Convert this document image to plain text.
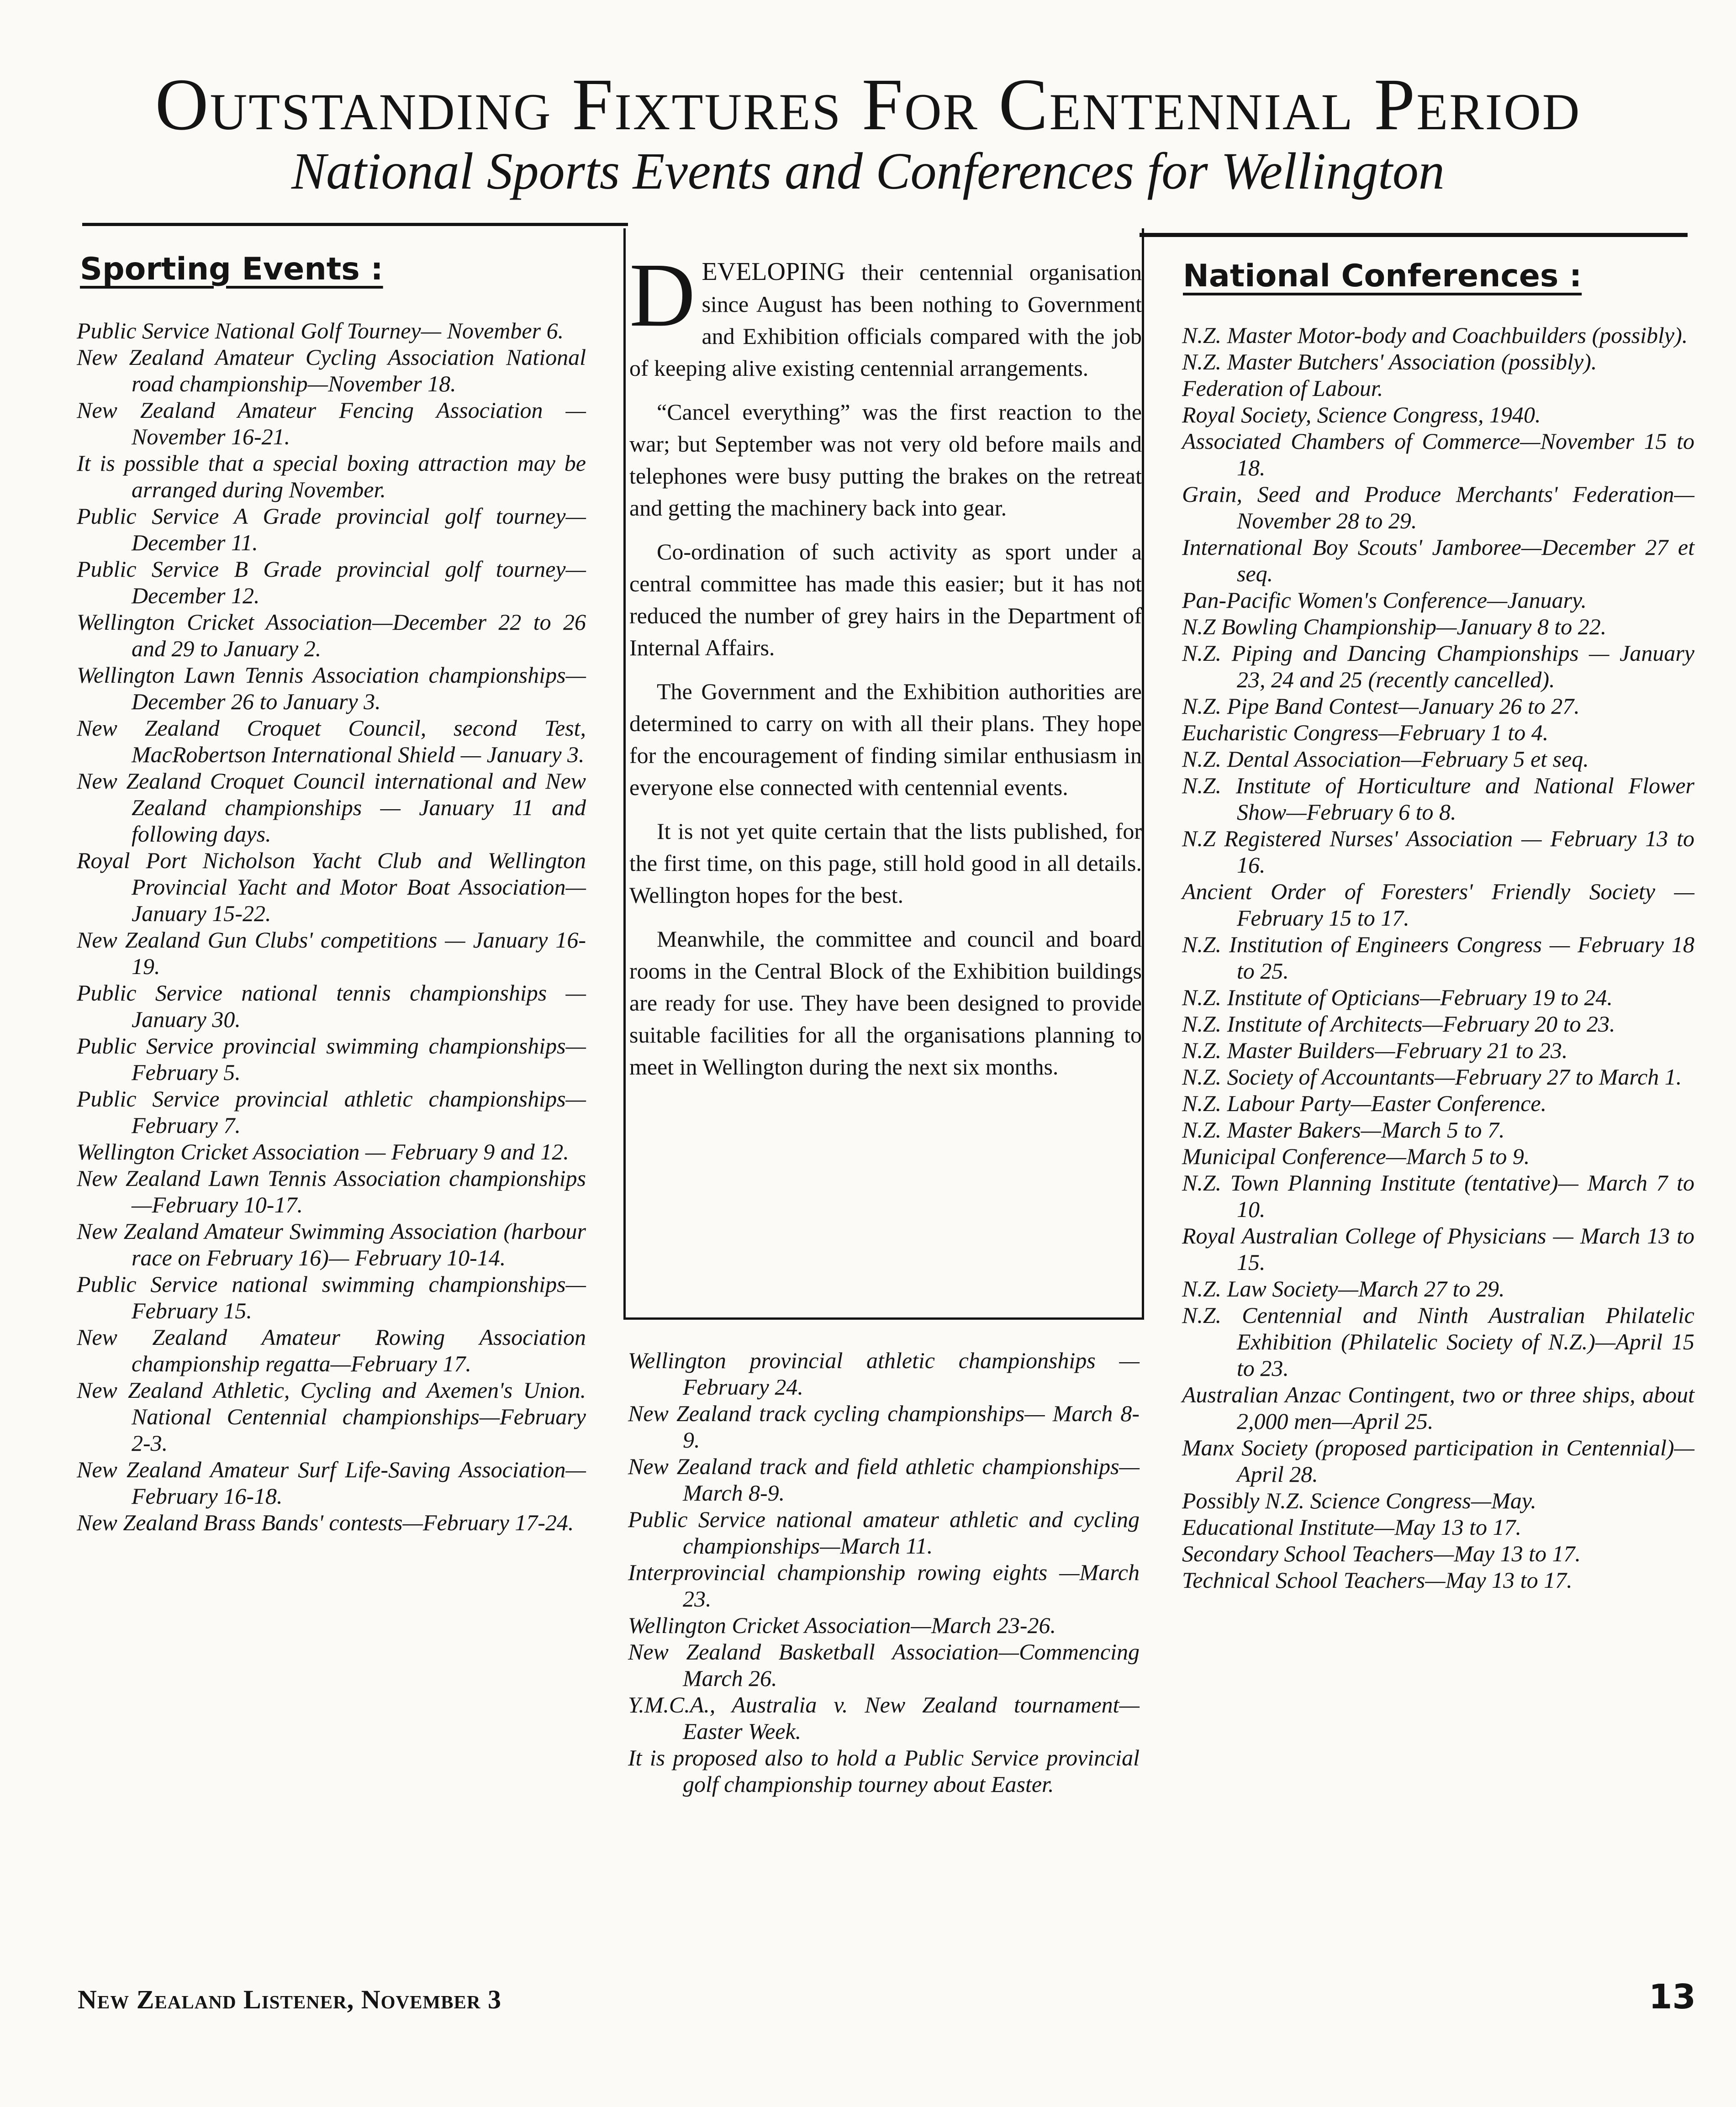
Outstanding Fixtures For Centennial Period
National Sports Events and Conferences for Wellington
Sporting Events :
Public Service National Golf Tourney— November 6.
New Zealand Amateur Cycling Association National road championship—November 18.
New Zealand Amateur Fencing Association —November 16-21.
It is possible that a special boxing attraction may be arranged during November.
Public Service A Grade provincial golf tourney—December 11.
Public Service B Grade provincial golf tourney—December 12.
Wellington Cricket Association—December 22 to 26 and 29 to January 2.
Wellington Lawn Tennis Association championships—December 26 to January 3.
New Zealand Croquet Council, second Test, MacRobertson International Shield — January 3.
New Zealand Croquet Council international and New Zealand championships — January 11 and following days.
Royal Port Nicholson Yacht Club and Wellington Provincial Yacht and Motor Boat Association—January 15-22.
New Zealand Gun Clubs' competitions — January 16-19.
Public Service national tennis championships —January 30.
Public Service provincial swimming championships—February 5.
Public Service provincial athletic championships—February 7.
Wellington Cricket Association — February 9 and 12.
New Zealand Lawn Tennis Association championships—February 10-17.
New Zealand Amateur Swimming Association (harbour race on February 16)— February 10-14.
Public Service national swimming championships—February 15.
New Zealand Amateur Rowing Association championship regatta—February 17.
New Zealand Athletic, Cycling and Axemen's Union. National Centennial championships—February 2-3.
New Zealand Amateur Surf Life-Saving Association—February 16-18.
New Zealand Brass Bands' contests—February 17-24.

DEVELOPING their centennial organisation since August has been nothing to Government and Exhibition officials compared with the job of keeping alive existing centennial arrangements.

“Cancel everything” was the first reaction to the war; but September was not very old before mails and telephones were busy putting the brakes on the retreat and getting the machinery back into gear.

Co-ordination of such activity as sport under a central committee has made this easier; but it has not reduced the number of grey hairs in the Department of Internal Affairs.

The Government and the Exhibition authorities are determined to carry on with all their plans. They hope for the encouragement of finding similar enthusiasm in everyone else connected with centennial events.

It is not yet quite certain that the lists published, for the first time, on this page, still hold good in all details. Wellington hopes for the best.

Meanwhile, the committee and council and board rooms in the Central Block of the Exhibition buildings are ready for use. They have been designed to provide suitable facilities for all the organisations planning to meet in Wellington during the next six months.

Wellington provincial athletic championships —February 24.
New Zealand track cycling championships— March 8-9.
New Zealand track and field athletic championships—March 8-9.
Public Service national amateur athletic and cycling championships—March 11.
Interprovincial championship rowing eights —March 23.
Wellington Cricket Association—March 23-26.
New Zealand Basketball Association—Commencing March 26.
Y.M.C.A., Australia v. New Zealand tournament—Easter Week.
It is proposed also to hold a Public Service provincial golf championship tourney about Easter.
National Conferences :
N.Z. Master Motor-body and Coachbuilders (possibly).
N.Z. Master Butchers' Association (possibly).
Federation of Labour.
Royal Society, Science Congress, 1940.
Associated Chambers of Commerce—November 15 to 18.
Grain, Seed and Produce Merchants' Federation—November 28 to 29.
International Boy Scouts' Jamboree—December 27 et seq.
Pan-Pacific Women's Conference—January.
N.Z Bowling Championship—January 8 to 22.
N.Z. Piping and Dancing Championships — January 23, 24 and 25 (recently cancelled).
N.Z. Pipe Band Contest—January 26 to 27.
Eucharistic Congress—February 1 to 4.
N.Z. Dental Association—February 5 et seq.
N.Z. Institute of Horticulture and National Flower Show—February 6 to 8.
N.Z Registered Nurses' Association — February 13 to 16.
Ancient Order of Foresters' Friendly Society —February 15 to 17.
N.Z. Institution of Engineers Congress — February 18 to 25.
N.Z. Institute of Opticians—February 19 to 24.
N.Z. Institute of Architects—February 20 to 23.
N.Z. Master Builders—February 21 to 23.
N.Z. Society of Accountants—February 27 to March 1.
N.Z. Labour Party—Easter Conference.
N.Z. Master Bakers—March 5 to 7.
Municipal Conference—March 5 to 9.
N.Z. Town Planning Institute (tentative)— March 7 to 10.
Royal Australian College of Physicians — March 13 to 15.
N.Z. Law Society—March 27 to 29.
N.Z. Centennial and Ninth Australian Philatelic Exhibition (Philatelic Society of N.Z.)—April 15 to 23.
Australian Anzac Contingent, two or three ships, about 2,000 men—April 25.
Manx Society (proposed participation in Centennial)—April 28.
Possibly N.Z. Science Congress—May.
Educational Institute—May 13 to 17.
Secondary School Teachers—May 13 to 17.
Technical School Teachers—May 13 to 17.
New Zealand Listener, November 3	13
